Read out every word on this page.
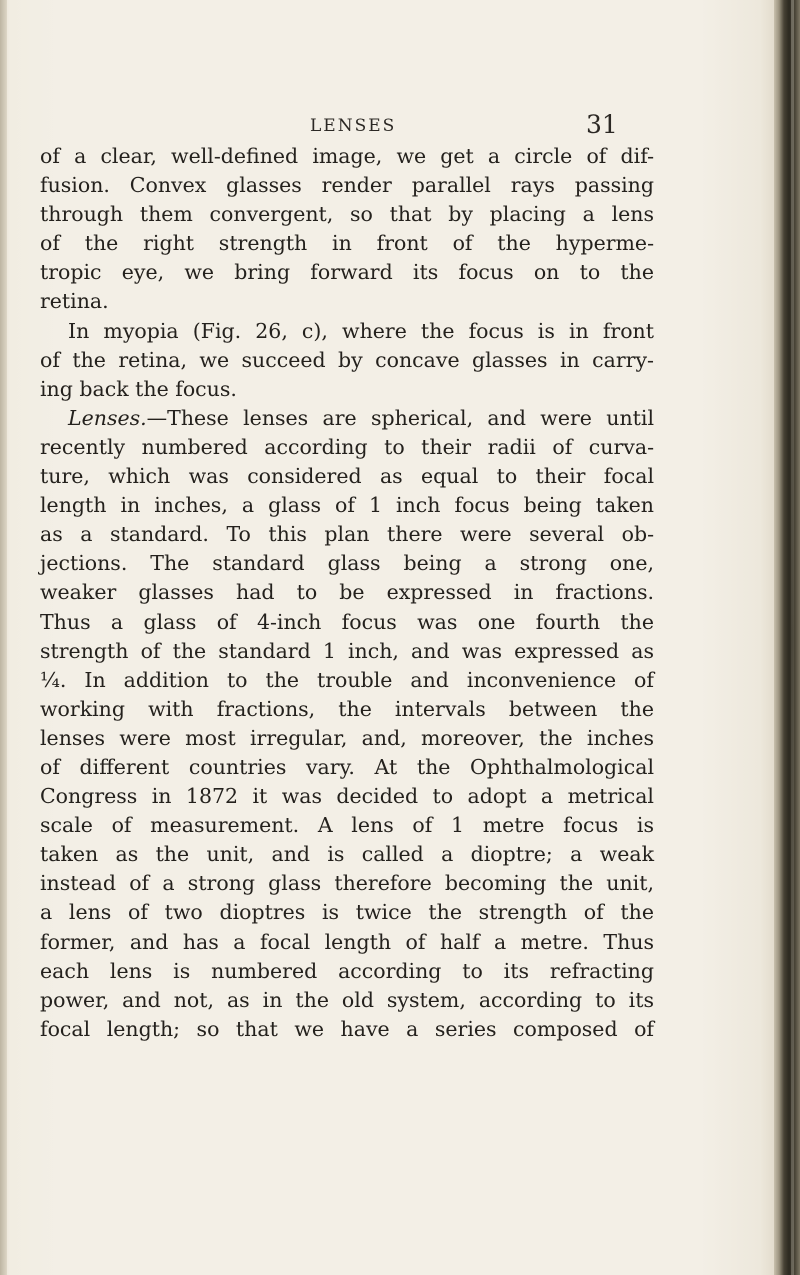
LENSES	31
of a clear, well-defined image, we get a circle of dif-
fusion. Convex glasses render parallel rays passing
through them convergent, so that by placing a lens
of the right strength in front of the hyperme-
tropic eye, we bring forward its focus on to the
retina.
In myopia (Fig. 26, c), where the focus is in front
of the retina, we succeed by concave glasses in carry-
ing back the focus.
Lenses.—These lenses are spherical, and were until
recently numbered according to their radii of curva-
ture, which was considered as equal to their focal
length in inches, a glass of 1 inch focus being taken
as a standard. To this plan there were several ob-
jections. The standard glass being a strong one,
weaker glasses had to be expressed in fractions.
Thus a glass of 4-inch focus was one fourth the
strength of the standard 1 inch, and was expressed as
¼. In addition to the trouble and inconvenience of
working with fractions, the intervals between the
lenses were most irregular, and, moreover, the inches
of different countries vary. At the Ophthalmological
Congress in 1872 it was decided to adopt a metrical
scale of measurement. A lens of 1 metre focus is
taken as the unit, and is called a dioptre; a weak
instead of a strong glass therefore becoming the unit,
a lens of two dioptres is twice the strength of the
former, and has a focal length of half a metre. Thus
each lens is numbered according to its refracting
power, and not, as in the old system, according to its
focal length; so that we have a series composed of
